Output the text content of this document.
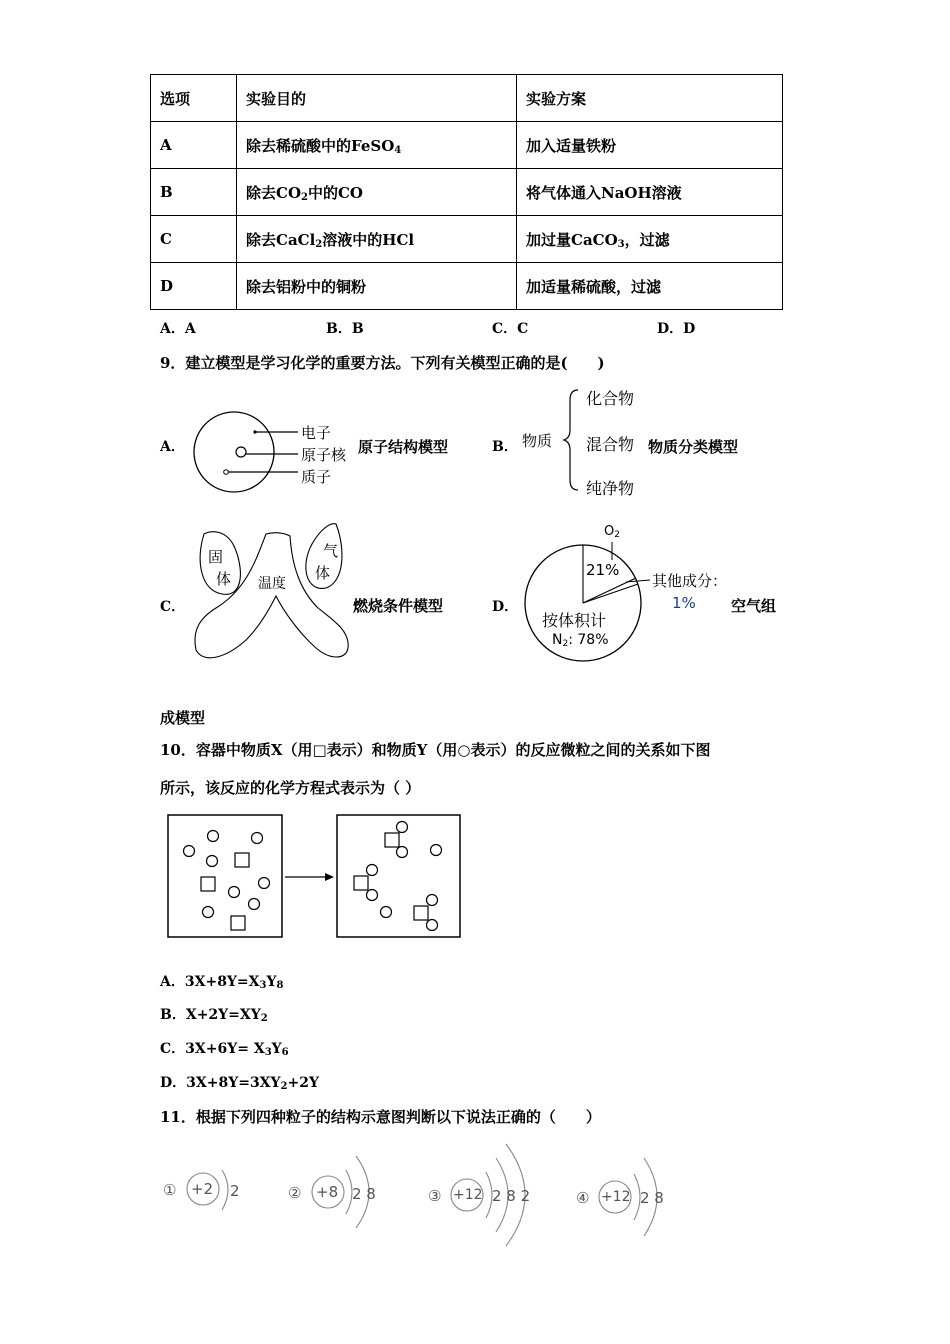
选项	实验目的	实验方案
A	除去稀硫酸中的FeSO$_4$	加入适量铁粉
B	除去$CO_2$中的CO	将气体通入NaOH溶液
C	除去CaCl$_2$溶液中的HCl	加过量CaCO$_3$，过滤
D	除去铝粉中的铜粉	加适量稀硫酸，过滤
A．A	B．B	C．C	D．D
9．建立模型是学习化学的重要方法。下列有关模型正确的是(　　)
A．
电子
原子核
质子
原子结构模型	B． 物质
化合物
混合物
纯净物
物质分类模型
C．
固
体 温度
气
体
燃烧条件模型	D．
O2
21%
其他成分：
1%
按体积计
N2: 78%
空气组
成模型
10．容器中物质X（用□表示）和物质Y（用○表示）的反应微粒之间的关系如下图
所示，该反应的化学方程式表示为（ ）
A．$3X+8Y=X_3Y_8$
B．$X+2Y=XY_2$
C．$3X+6Y= X_3Y_6$
D．$3X+8Y=3XY_2+2Y$
11．根据下列四种粒子的结构示意图判断以下说法正确的（　　）
① +2 2	② +8 2 8	③ +12 2 8 2	④ +12 2 8
